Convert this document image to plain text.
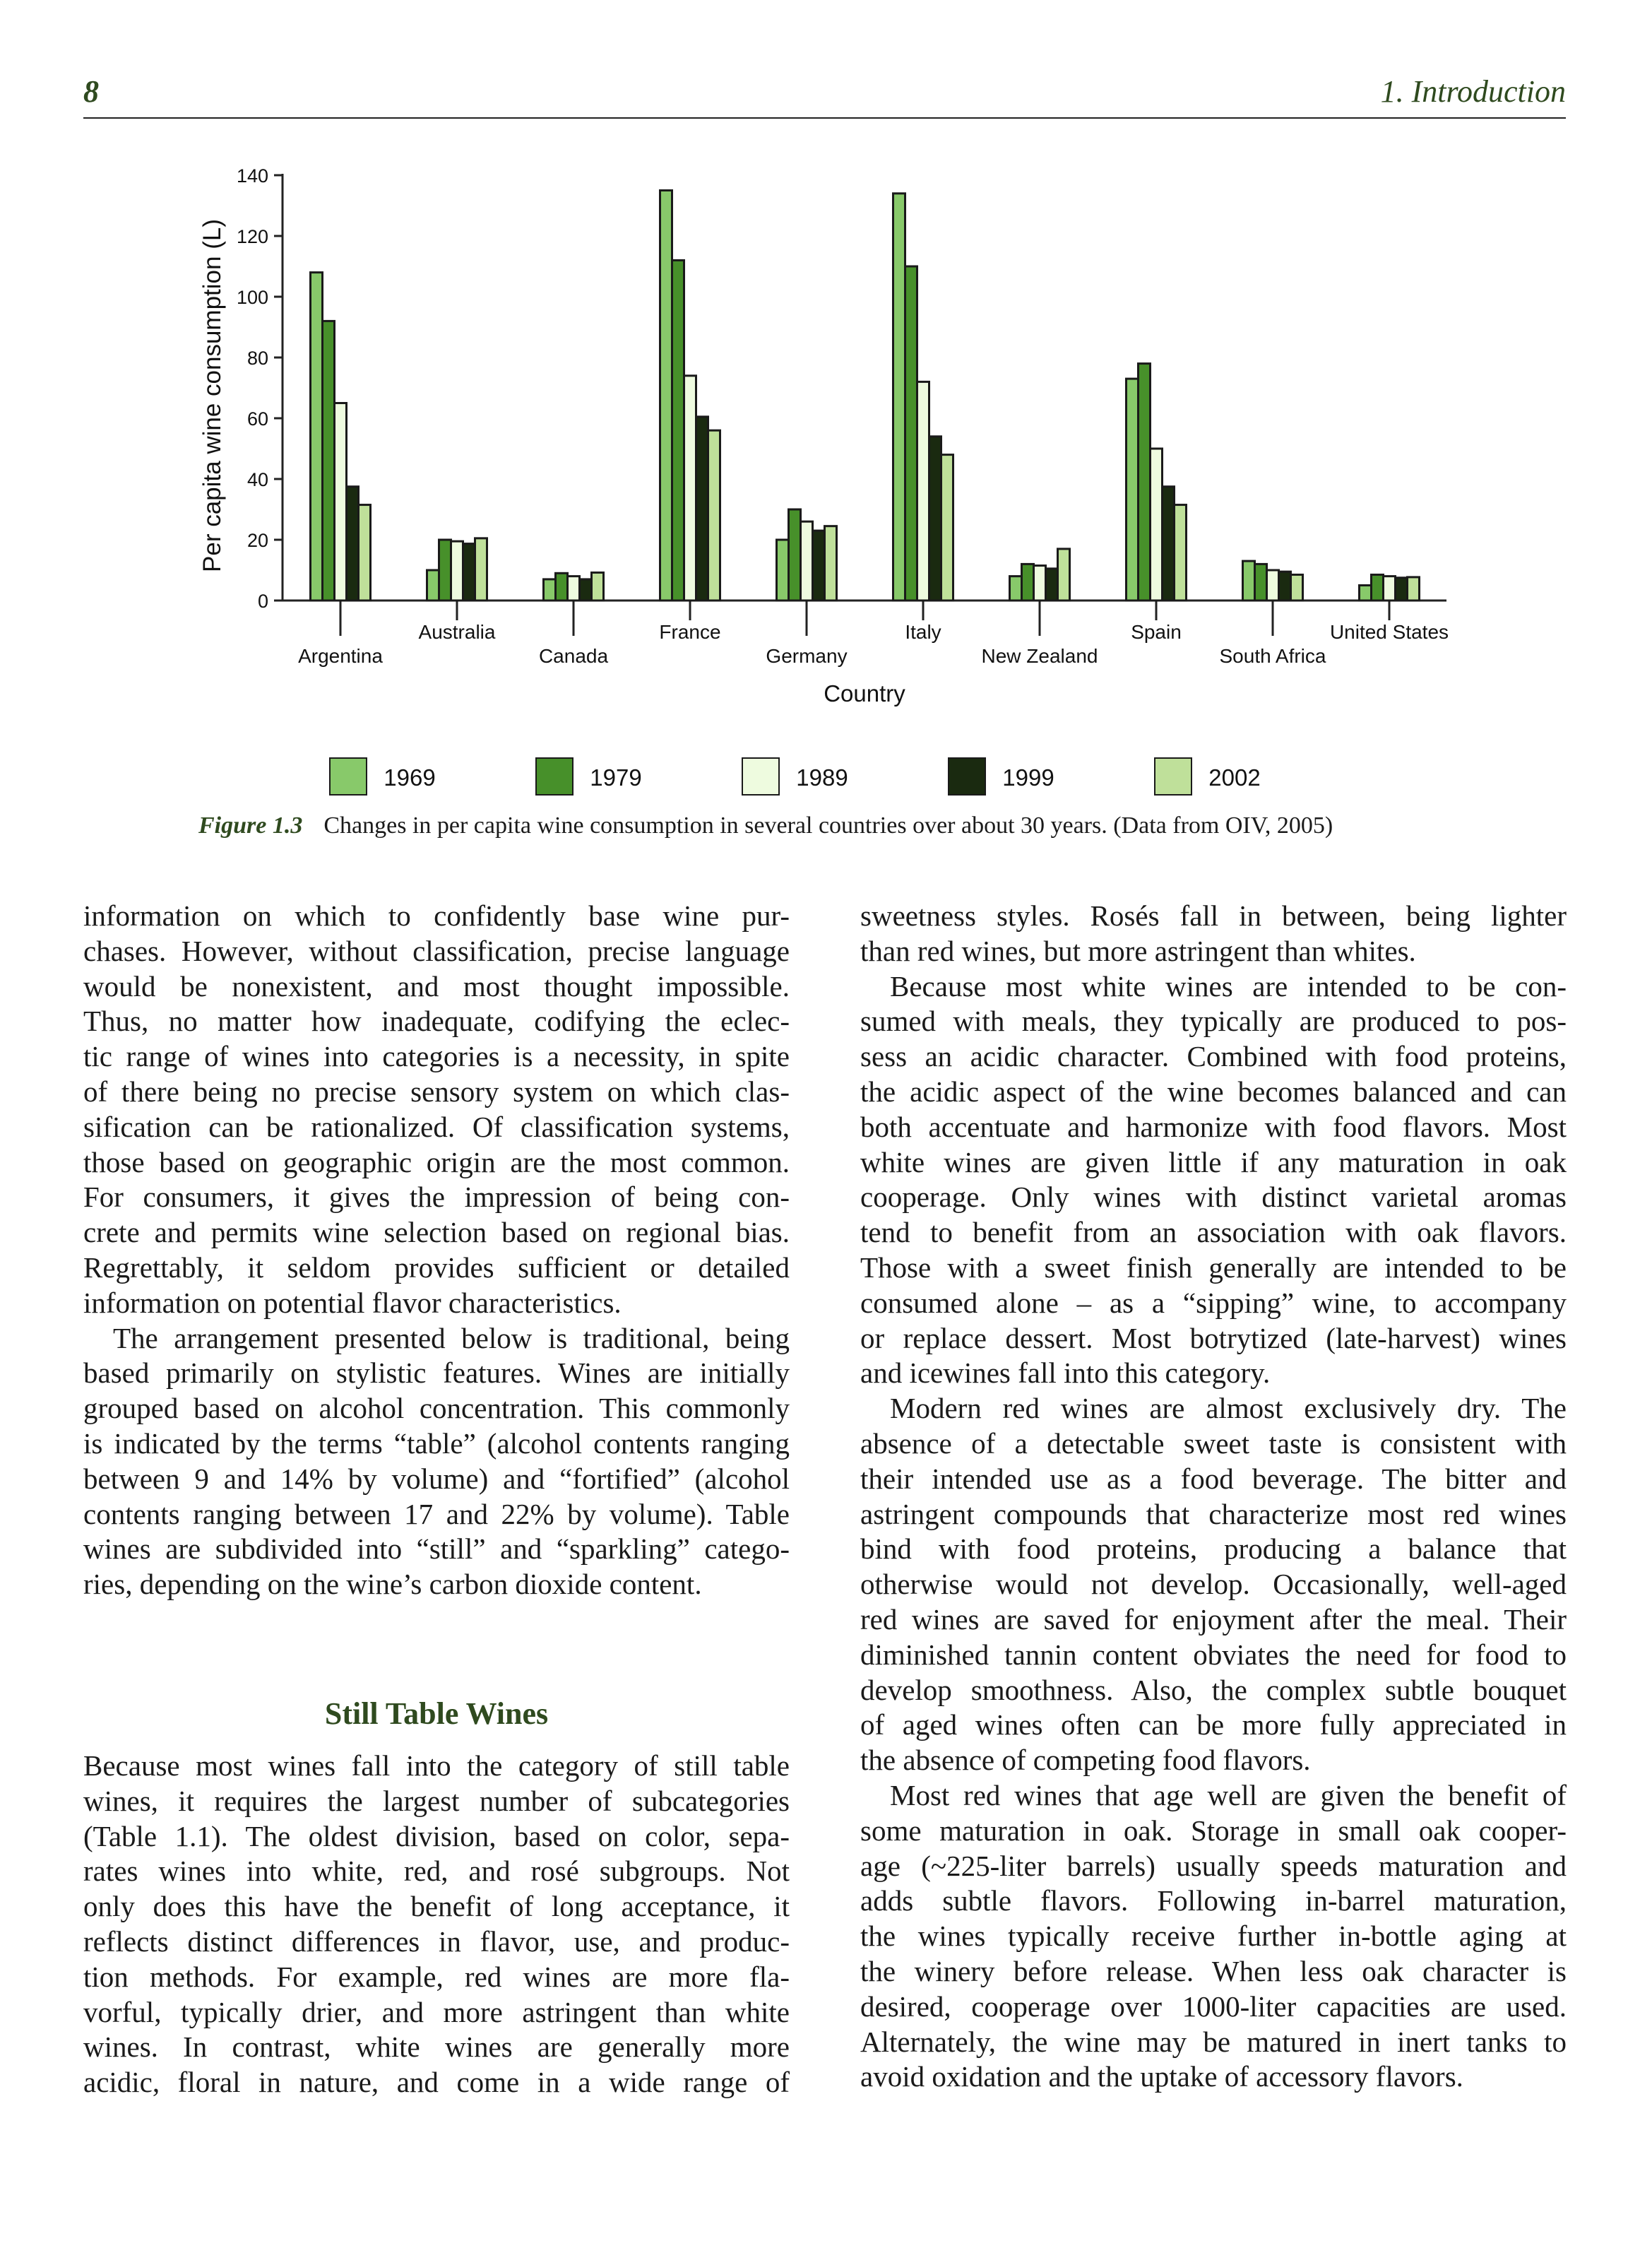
8	1. Introduction
0
20
40
60
80
100
120
140
Argentina
Australia
Canada
France
Germany
Italy
New Zealand
Spain
South Africa
United States
1969	1979	1989	1999	2002
Per capita wine consumption (L)
Country
Figure 1.3 Changes in per capita wine consumption in several countries over about 30 years. (Data from OIV, 2005)
information on which to confidently base wine pur-
chases. However, without classification, precise language
would be nonexistent, and most thought impossible.
Thus, no matter how inadequate, codifying the eclec-
tic range of wines into categories is a necessity, in spite
of there being no precise sensory system on which clas-
sification can be rationalized. Of classification systems,
those based on geographic origin are the most common.
For consumers, it gives the impression of being con-
crete and permits wine selection based on regional bias.
Regrettably, it seldom provides sufficient or detailed
information on potential flavor characteristics.
The arrangement presented below is traditional, being
based primarily on stylistic features. Wines are initially
grouped based on alcohol concentration. This commonly
is indicated by the terms “table” (alcohol contents ranging
between 9 and 14% by volume) and “fortified” (alcohol
contents ranging between 17 and 22% by volume). Table
wines are subdivided into “still” and “sparkling” catego-
ries, depending on the wine’s carbon dioxide content.
Still Table Wines
Because most wines fall into the category of still table
wines, it requires the largest number of subcategories
(Table 1.1). The oldest division, based on color, sepa-
rates wines into white, red, and rosé subgroups. Not
only does this have the benefit of long acceptance, it
reflects distinct differences in flavor, use, and produc-
tion methods. For example, red wines are more fla-
vorful, typically drier, and more astringent than white
wines. In contrast, white wines are generally more
acidic, floral in nature, and come in a wide range of
sweetness styles. Rosés fall in between, being lighter
than red wines, but more astringent than whites.
Because most white wines are intended to be con-
sumed with meals, they typically are produced to pos-
sess an acidic character. Combined with food proteins,
the acidic aspect of the wine becomes balanced and can
both accentuate and harmonize with food flavors. Most
white wines are given little if any maturation in oak
cooperage. Only wines with distinct varietal aromas
tend to benefit from an association with oak flavors.
Those with a sweet finish generally are intended to be
consumed alone – as a “sipping” wine, to accompany
or replace dessert. Most botrytized (late-harvest) wines
and icewines fall into this category.
Modern red wines are almost exclusively dry. The
absence of a detectable sweet taste is consistent with
their intended use as a food beverage. The bitter and
astringent compounds that characterize most red wines
bind with food proteins, producing a balance that
otherwise would not develop. Occasionally, well-aged
red wines are saved for enjoyment after the meal. Their
diminished tannin content obviates the need for food to
develop smoothness. Also, the complex subtle bouquet
of aged wines often can be more fully appreciated in
the absence of competing food flavors.
Most red wines that age well are given the benefit of
some maturation in oak. Storage in small oak cooper-
age (~225-liter barrels) usually speeds maturation and
adds subtle flavors. Following in-barrel maturation,
the wines typically receive further in-bottle aging at
the winery before release. When less oak character is
desired, cooperage over 1000-liter capacities are used.
Alternately, the wine may be matured in inert tanks to
avoid oxidation and the uptake of accessory flavors.
